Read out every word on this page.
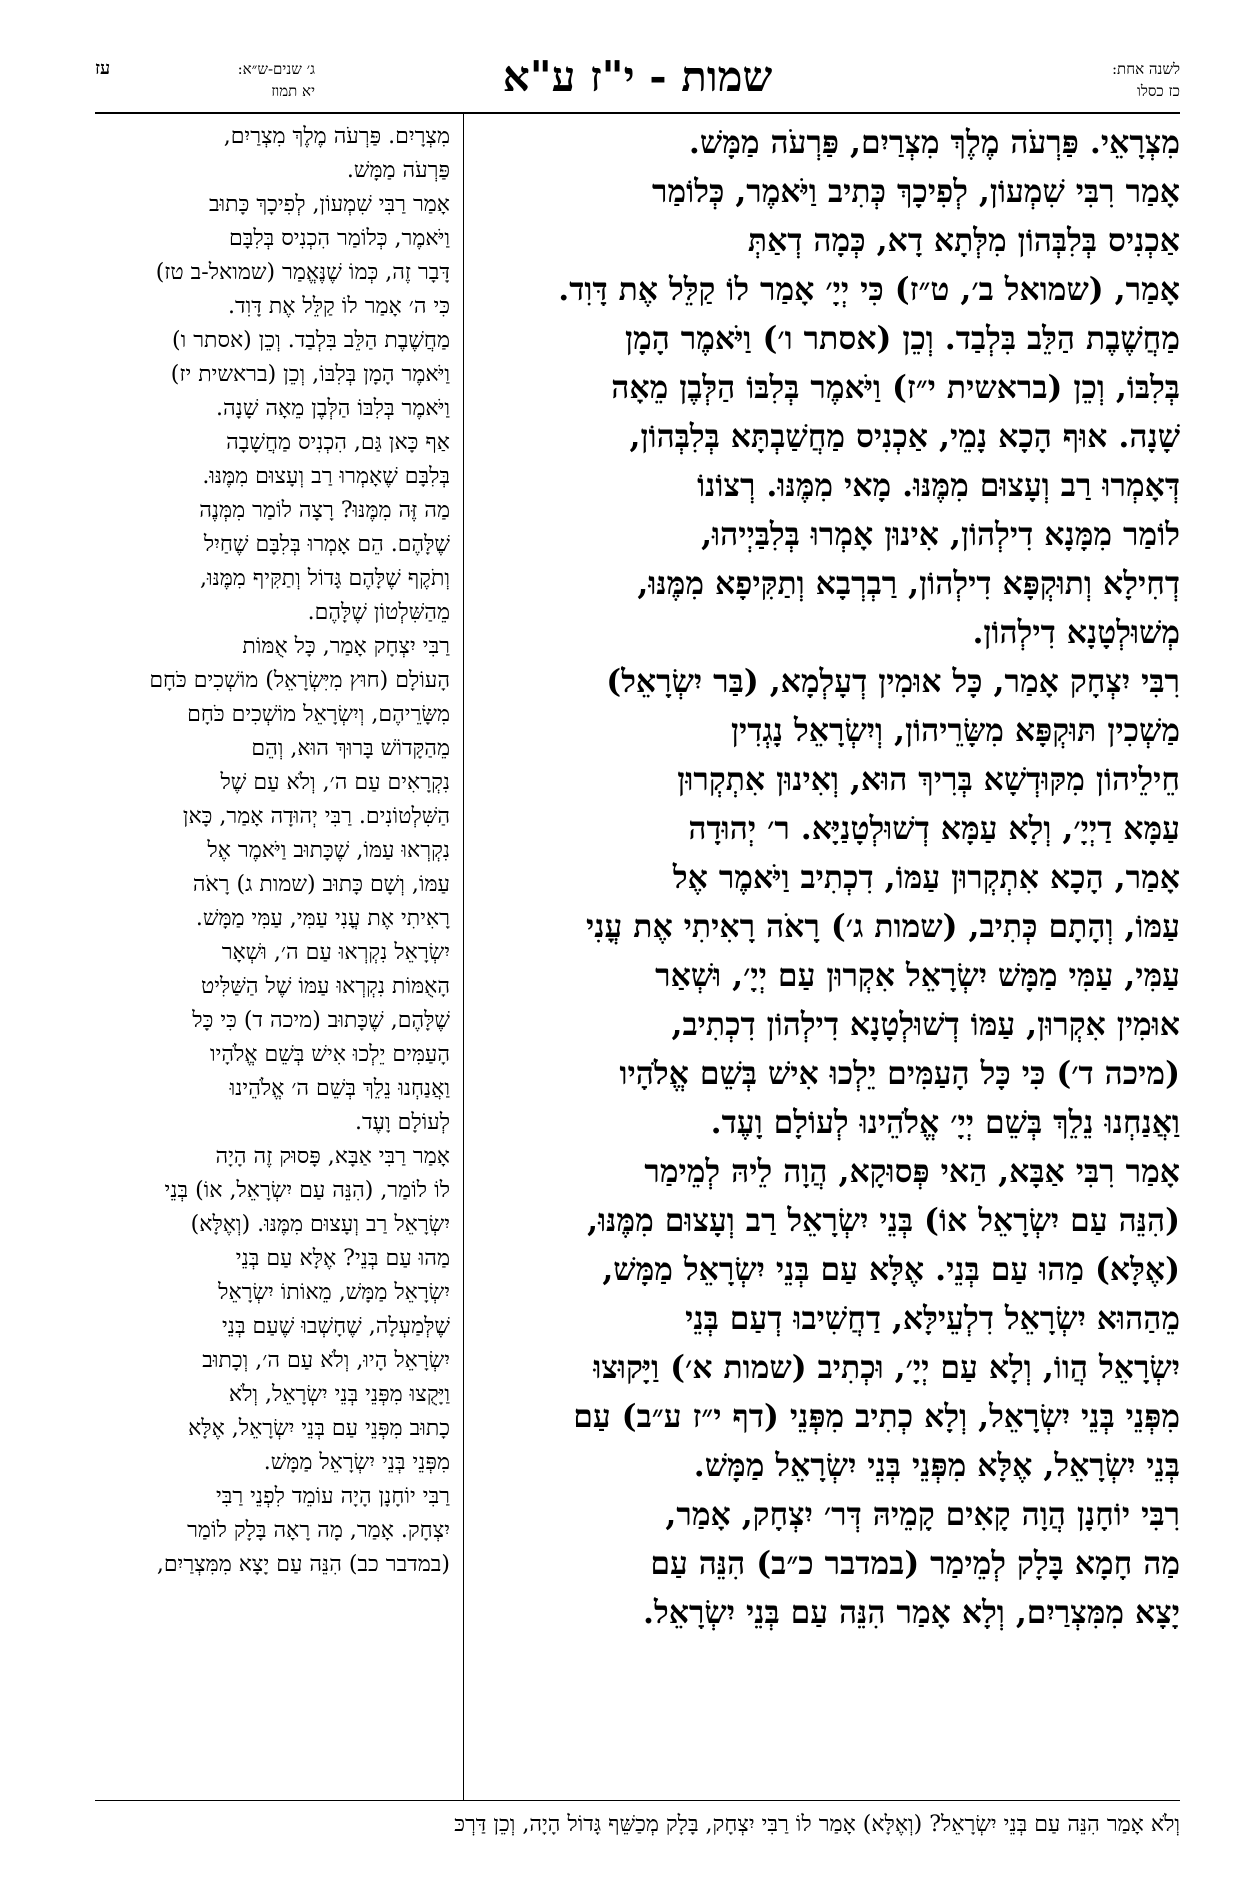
לשנה אחת:
כז כסלו
שמות - י"ז ע"א
ג׳ שנים-ש״א:
יא תמוז
עז
מִצְרָאֵי. פַּרְעֹה מֶלֶךְ מִצְרַיִם, פַּרְעֹה מַמָּשׁ.
אָמַר רִבִּי שִׁמְעוֹן, לְפִיכָךְ כְּתִיב וַיֹּאמֶר, כְּלוֹמַר
אַכְנִיס בְּלִבְּהוֹן מִלְּתָא דָא, כְּמָה דְאַתְּ
אָמַר, (שמואל ב׳, ט״ז) כִּי יְיָ׳ אָמַר לוֹ קַלֵּל אֶת דָּוִד.
מַחֲשֶׁבֶת הַלֵּב בִּלְבַד. וְכֵן (אסתר ו׳) וַיֹּאמֶר הָמָן
בְּלִבּוֹ, וְכֵן (בראשית י״ז) וַיֹּאמֶר בְּלִבּוֹ הַלְּבֶן מֵאָה
שָׁנָה. אוּף הָכָא נָמֵי, אַכְנִיס מַחֲשַׁבְתָּא בְּלִבְּהוֹן,
דְּאָמְרוּ רַב וְעָצוּם מִמֶּנּוּ. מָאי מִמֶּנּוּ. רְצוֹנוֹ
לוֹמַר מִמָּנָא דִילְהוֹן, אִינוּן אָמְרוּ בְּלִבַּיְיהוּ,
דְחִילָא וְתוּקְפָּא דִילְהוֹן, רַבְרְבָא וְתַקִּיפָא מִמֶּנּוּ,
מְשׁוּלְטָנָא דִילְהוֹן.
רִבִּי יִצְחָק אָמַר, כָּל אוּמִין דְעָלְמָא, (בַּר יִשְׂרָאֵל)
מַשְׁכִין תּוּקְפָּא מִשָּׂרֵיהוֹן, וְיִשְׂרָאֵל נָגְדִין
חֵילֵיהוֹן מִקּוּדְשָׁא בְּרִיךְ הוּא, וְאִינוּן אִתְקְרוּן
עַמָּא דַיְיָ׳, וְלָא עַמָּא דְשׁוּלְטָנַיָּא. ר׳ יְהוּדָה
אָמַר, הָכָא אִתְקְרוּן עַמּוֹ, דִכְתִיב וַיֹּאמֶר אֶל
עַמּוֹ, וְהָתָם כְּתִיב, (שמות ג׳) רָאֹה רָאִיתִי אֶת עֳנִי
עַמִּי, עַמִּי מַמָּשׁ יִשְׂרָאֵל אִקְרוּן עַם יְיָ׳, וּשְׁאַר
אוּמִין אִקְרוּן, עַמּוֹ דְשׁוּלְטָנָא דִילְהוֹן דִכְתִיב,
(מיכה ד׳) כִּי כָּל הָעַמִּים יֵלְכוּ אִישׁ בְּשֵׁם אֱלֹהָיו
וַאֲנַחְנוּ נֵלֵךְ בְּשֵׁם יְיָ׳ אֱלֹהֵינוּ לְעוֹלָם וָעֶד.
אָמַר רִבִּי אַבָּא, הַאי פְּסוּקָא, הֲוָה לֵיהּ לְמֵימַר
(הִנֵּה עַם יִשְׂרָאֵל אוֹ) בְּנֵי יִשְׂרָאֵל רַב וְעָצוּם מִמֶּנּוּ,
(אֶלָּא) מַהוּ עַם בְּנֵי. אֶלָּא עַם בְּנֵי יִשְׂרָאֵל מַמָּשׁ,
מֵהַהוּא יִשְׂרָאֵל דִלְעֵילָּא, דַחֲשִׁיבוּ דְעַם בְּנֵי
יִשְׂרָאֵל הֲווֹ, וְלָא עַם יְיָ׳, וּכְתִיב (שמות א׳) וַיָּקוּצוּ
מִפְּנֵי בְּנֵי יִשְׂרָאֵל, וְלָא כְתִיב מִפְּנֵי (דף י״ז ע״ב) עַם
בְּנֵי יִשְׂרָאֵל, אֶלָּא מִפְּנֵי בְּנֵי יִשְׂרָאֵל מַמָּשׁ.
רִבִּי יוֹחָנָן הֲוָה קָאִים קָמֵיהּ דְּר׳ יִצְחָק, אָמַר,
מַה חָמָא בָּלָק לְמֵימַר (במדבר כ״ב) הִנֵּה עַם
יָצָא מִמִּצְרַיִם, וְלָא אָמַר הִנֵּה עַם בְּנֵי יִשְׂרָאֵל.
מִצְרָיִם. פַּרְעֹה מֶלֶךְ מִצְרַיִם,
פַּרְעֹה מַמָּשׁ.
אָמַר רַבִּי שִׁמְעוֹן, לְפִיכָךְ כָּתוּב
וַיֹּאמֶר, כְּלוֹמַר הִכְנִיס בְּלִבָּם
דָּבָר זֶה, כְּמוֹ שֶׁנֶּאֱמַר (שמואל-ב טז)
כִּי ה׳ אָמַר לוֹ קַלֵּל אֶת דָּוִד.
מַחֲשֶׁבֶת הַלֵּב בִּלְבַד. וְכֵן (אסתר ו)
וַיֹּאמֶר הָמָן בְּלִבּוֹ, וְכֵן (בראשית יז)
וַיֹּאמֶר בְּלִבּוֹ הַלְּבֶן מֵאָה שָׁנָה.
אַף כָּאן גַּם, הִכְנִיס מַחֲשָׁבָה
בְּלִבָּם שֶׁאָמְרוּ רַב וְעָצוּם מִמֶּנּוּ.
מַה זֶּה מִמֶּנּוּ? רָצָה לוֹמַר מִמְּנֶה
שֶׁלָּהֶם. הֵם אָמְרוּ בְּלִבָּם שֶׁחַיִל
וְתֹקֶף שֶׁלָּהֶם גָּדוֹל וְתַקִּיף מִמֶּנּוּ,
מֵהַשִּׁלְטוֹן שֶׁלָּהֶם.
רַבִּי יִצְחָק אָמַר, כָּל אֻמּוֹת
הָעוֹלָם (חוּץ מִיִּשְׂרָאֵל) מוֹשְׁכִים כֹּחָם
מִשָּׂרֵיהֶם, וְיִשְׂרָאֵל מוֹשְׁכִים כֹּחָם
מֵהַקָּדוֹשׁ בָּרוּךְ הוּא, וְהֵם
נִקְרָאִים עַם ה׳, וְלֹא עַם שֶׁל
הַשִּׁלְטוֹנִים. רַבִּי יְהוּדָה אָמַר, כָּאן
נִקְרְאוּ עַמּוֹ, שֶׁכָּתוּב וַיֹּאמֶר אֶל
עַמּוֹ, וְשָׁם כָּתוּב (שמות ג) רָאֹה
רָאִיתִי אֶת עֳנִי עַמִּי, עַמִּי מַמָּשׁ.
יִשְׂרָאֵל נִקְרְאוּ עַם ה׳, וּשְׁאָר
הָאֻמּוֹת נִקְרְאוּ עַמּוֹ שֶׁל הַשַּׁלִּיט
שֶׁלָּהֶם, שֶׁכָּתוּב (מיכה ד) כִּי כָּל
הָעַמִּים יֵלְכוּ אִישׁ בְּשֵׁם אֱלֹהָיו
וַאֲנַחְנוּ נֵלֵךְ בְּשֵׁם ה׳ אֱלֹהֵינוּ
לְעוֹלָם וָעֶד.
אָמַר רַבִּי אַבָּא, פָּסוּק זֶה הָיָה
לוֹ לוֹמַר, (הִנֵּה עַם יִשְׂרָאֵל, אוֹ) בְּנֵי
יִשְׂרָאֵל רַב וְעָצוּם מִמֶּנּוּ. (וְאֶלָּא)
מַהוּ עַם בְּנֵי? אֶלָּא עַם בְּנֵי
יִשְׂרָאֵל מַמָּשׁ, מֵאוֹתוֹ יִשְׂרָאֵל
שֶׁלְּמַעְלָה, שֶׁחָשְׁבוּ שֶׁעַם בְּנֵי
יִשְׂרָאֵל הָיוּ, וְלֹא עַם ה׳, וְכָתוּב
וַיָּקֻצוּ מִפְּנֵי בְּנֵי יִשְׂרָאֵל, וְלֹא
כָתוּב מִפְּנֵי עַם בְּנֵי יִשְׂרָאֵל, אֶלָּא
מִפְּנֵי בְּנֵי יִשְׂרָאֵל מַמָּשׁ.
רַבִּי יוֹחָנָן הָיָה עוֹמֵד לִפְנֵי רַבִּי
יִצְחָק. אָמַר, מָה רָאָה בָּלָק לוֹמַר
(במדבר כב) הִנֵּה עַם יָצָא מִמִּצְרַיִם,
וְלֹא אָמַר הִנֵּה עַם בְּנֵי יִשְׂרָאֵל? (וְאֶלָּא) אָמַר לוֹ רַבִּי יִצְחָק, בָּלָק מְכַשֵּׁף גָּדוֹל הָיָה, וְכֵן דַּרְכּ
